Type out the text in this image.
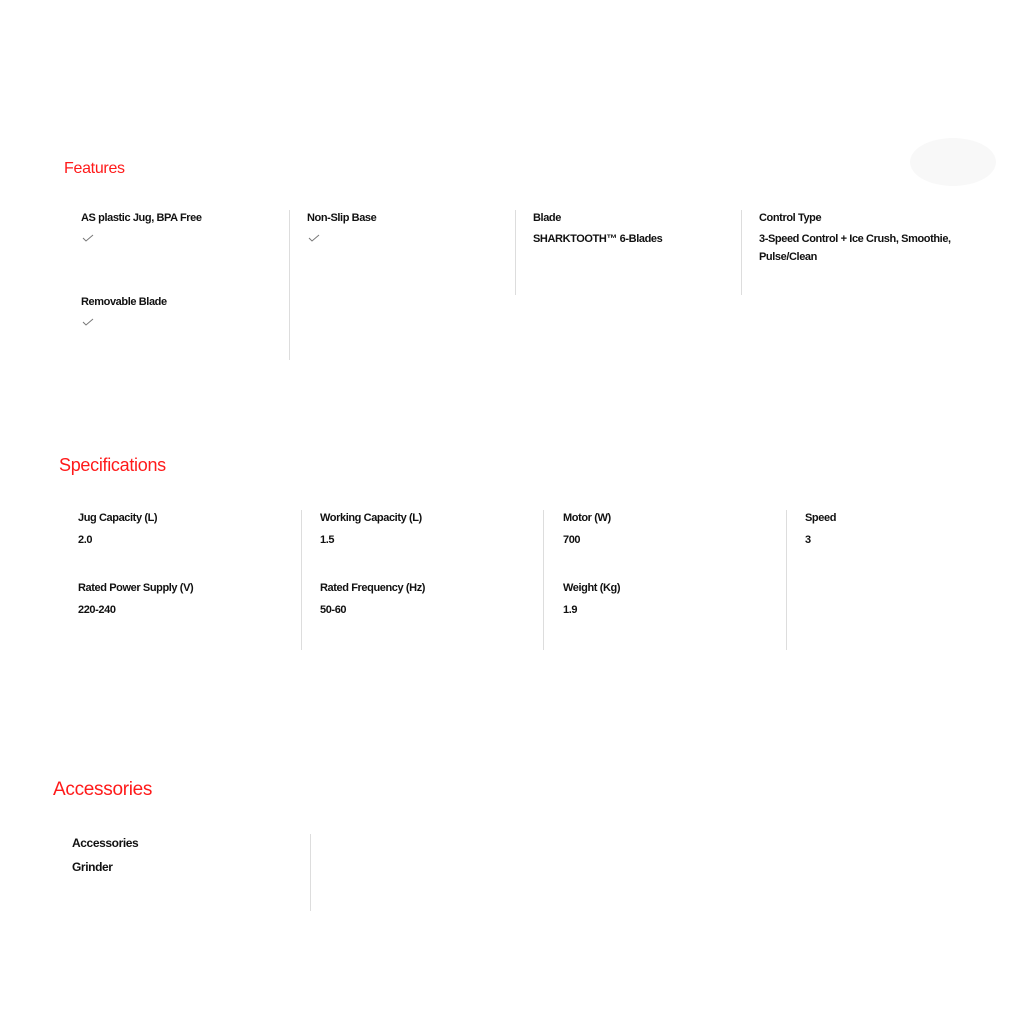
Features

AS plastic Jug, BPA Free	Non-Slip Base	Blade

SHARKTOOTH™ 6-Blades

Control Type

3-Speed Control + Ice Crush, Smoothie, Pulse/Clean

Removable Blade

Specifications

Jug Capacity (L)

2.0

Working Capacity (L)

1.5

Motor (W)

700

Speed

3

Rated Power Supply (V)

220-240

Rated Frequency (Hz)

50-60

Weight (Kg)

1.9

Accessories

Accessories

Grinder
